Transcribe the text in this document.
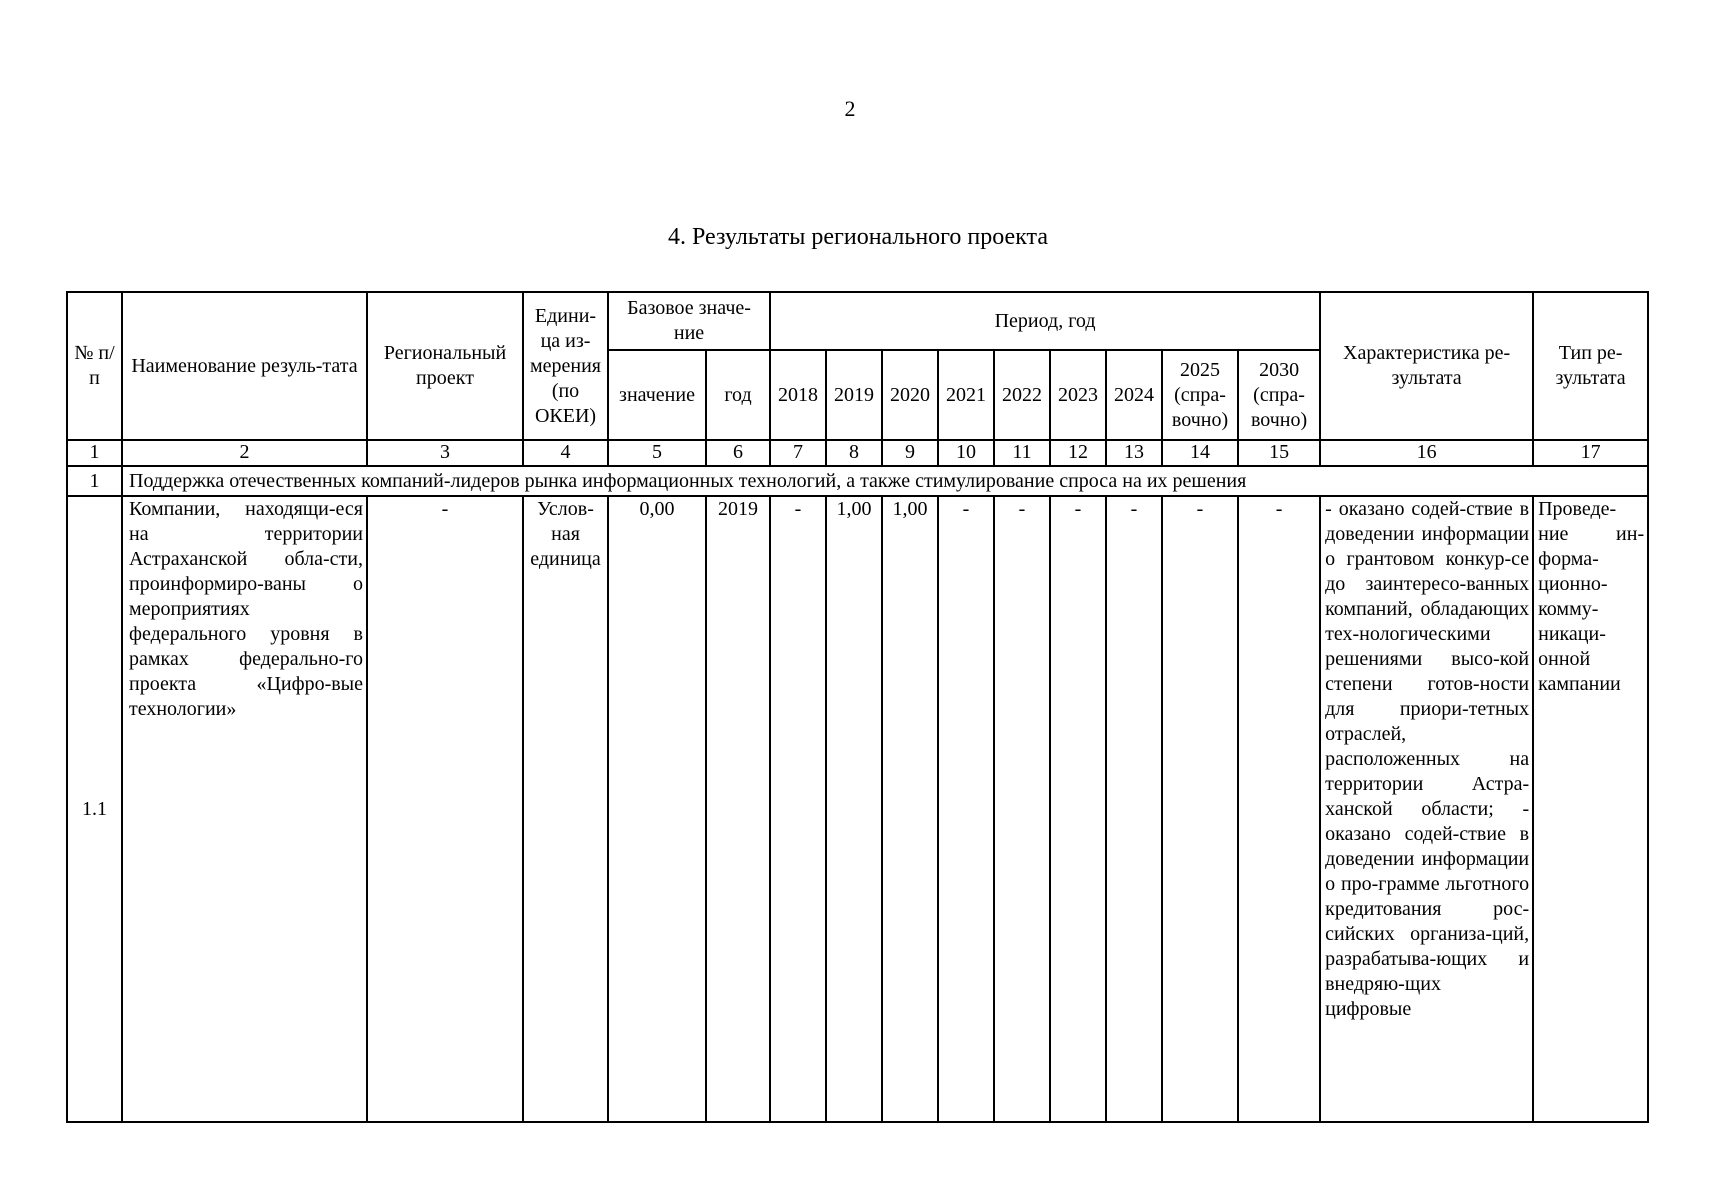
2
4. Результаты регионального проекта
№ п/п	Наименование резуль-тата	Региональный проект	Едини-ца из-мерения (по ОКЕИ)	Базовое значе-ние		Период, год									Характеристика ре-зультата	Тип ре-зультата
				значение	год	2018	2019	2020	2021	2022	2023	2024	2025 (спра-вочно)	2030 (спра-вочно)		
1	2	3	4	5	6	7	8	9	10	11	12	13	14	15	16	17
1	Поддержка отечественных компаний-лидеров рынка информационных технологий, а также стимулирование спроса на их решения															
1.1	Компании, находящи-еся на территории Астраханской обла-сти, проинформиро-ваны о мероприятиях федерального уровня в рамках федерально-го проекта «Цифро-вые технологии»	-	Услов-ная единица	0,00	2019	-	1,00	1,00	-	-	-	-	-	-	- оказано содей-ствие в доведении информации о грантовом конкур-се до заинтересо-ванных компаний, обладающих тех-нологическими решениями высо-кой степени готов-ности для приори-тетных отраслей, расположенных на территории Астра-ханской области; - оказано содей-ствие в доведении информации о про-грамме льготного кредитования рос-сийских организа-ций, разрабатыва-ющих и внедряю-щих цифровые	Проведе-ние ин-форма-ционно-комму-никаци-онной кампании
